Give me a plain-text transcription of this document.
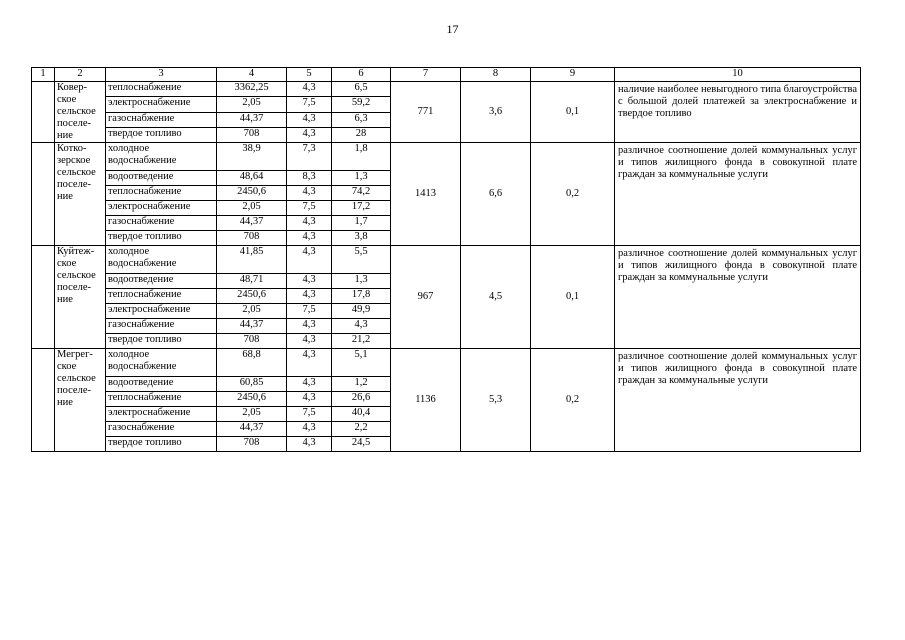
17
1	2	3	4	5	6	7	8	9	10
	Ковер-ское сельское поселе-ние	теплоснабжение	3362,25	4,3	6,5	771	3,6	0,1	наличие наиболее невыгодного типа благоустройства с большой долей платежей за электроснабжение и твердое топливо
		электроснабжение	2,05	7,5	59,2				
		газоснабжение	44,37	4,3	6,3				
		твердое топливо	708	4,3	28				
	Котко-зерское сельское поселе-ние	холодное водоснабжение	38,9	7,3	1,8	1413	6,6	0,2	различное соотношение долей коммунальных услуг и типов жилищного фонда в совокупной плате граждан за коммунальные услуги
		водоотведение	48,64	8,3	1,3				
		теплоснабжение	2450,6	4,3	74,2				
		электроснабжение	2,05	7,5	17,2				
		газоснабжение	44,37	4,3	1,7				
		твердое топливо	708	4,3	3,8				
	Куйтеж-ское сельское поселе-ние	холодное водоснабжение	41,85	4,3	5,5	967	4,5	0,1	различное соотношение долей коммунальных услуг и типов жилищного фонда в совокупной плате граждан за коммунальные услуги
		водоотведение	48,71	4,3	1,3				
		теплоснабжение	2450,6	4,3	17,8				
		электроснабжение	2,05	7,5	49,9				
		газоснабжение	44,37	4,3	4,3				
		твердое топливо	708	4,3	21,2				
	Мегрег-ское сельское поселе-ние	холодное водоснабжение	68,8	4,3	5,1	1136	5,3	0,2	различное соотношение долей коммунальных услуг и типов жилищного фонда в совокупной плате граждан за коммунальные услуги
		водоотведение	60,85	4,3	1,2				
		теплоснабжение	2450,6	4,3	26,6				
		электроснабжение	2,05	7,5	40,4				
		газоснабжение	44,37	4,3	2,2				
		твердое топливо	708	4,3	24,5				
